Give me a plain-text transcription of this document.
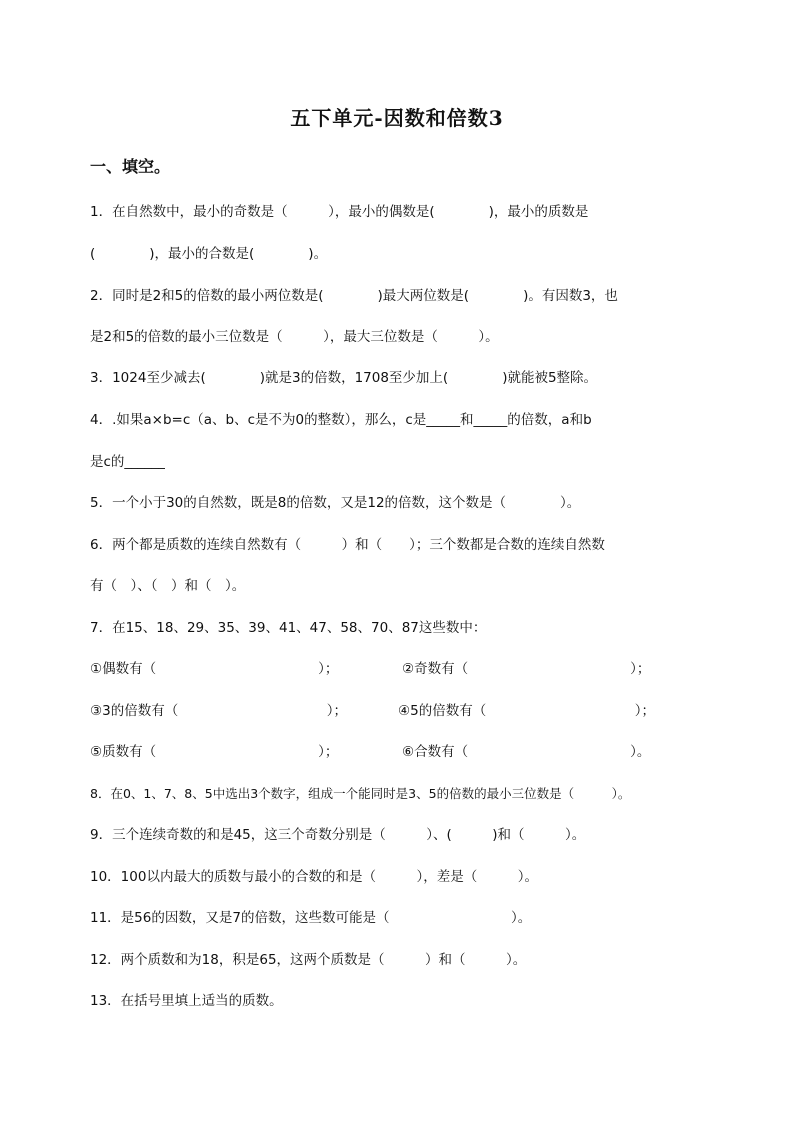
五下单元-因数和倍数3
一、填空。
1．在自然数中，最小的奇数是（　　　），最小的偶数是(　　　　)，最小的质数是
(　　　　)，最小的合数是(　　　　)。
2．同时是2和5的倍数的最小两位数是(　　　　)最大两位数是(　　　　)。有因数3，也
是2和5的倍数的最小三位数是（　　　），最大三位数是（　　　）。
3．1024至少减去(　　　　)就是3的倍数，1708至少加上(　　　　)就能被5整除。
4．.如果a×b=c（a、b、c是不为0的整数），那么，c是_____和_____的倍数，a和b
是c的______
5．一个小于30的自然数，既是8的倍数，又是12的倍数，这个数是（　　　　）。
6．两个都是质数的连续自然数有（　　　）和（　　）；三个数都是合数的连续自然数
有（　）、（　）和（　）。
7．在15、18、29、35、39、41、47、58、70、87这些数中：
①偶数有（　　　　　　　　　　　　）；	②奇数有（　　　　　　　　　　　　）；
③3的倍数有（　　　　　　　　　　　）；	④5的倍数有（　　　　　　　　　　　）；
⑤质数有（　　　　　　　　　　　　）；	⑥合数有（　　　　　　　　　　　　）。
8．在0、1、7、8、5中选出3个数字，组成一个能同时是3、5的倍数的最小三位数是（　　　）。
9．三个连续奇数的和是45，这三个奇数分别是（　　　）、(　　　)和（　　　）。
10．100以内最大的质数与最小的合数的和是（　　　），差是（　　　）。
11．是56的因数，又是7的倍数，这些数可能是（　　　　　　　　　）。
12．两个质数和为18，积是65，这两个质数是（　　　）和（　　　）。
13．在括号里填上适当的质数。
